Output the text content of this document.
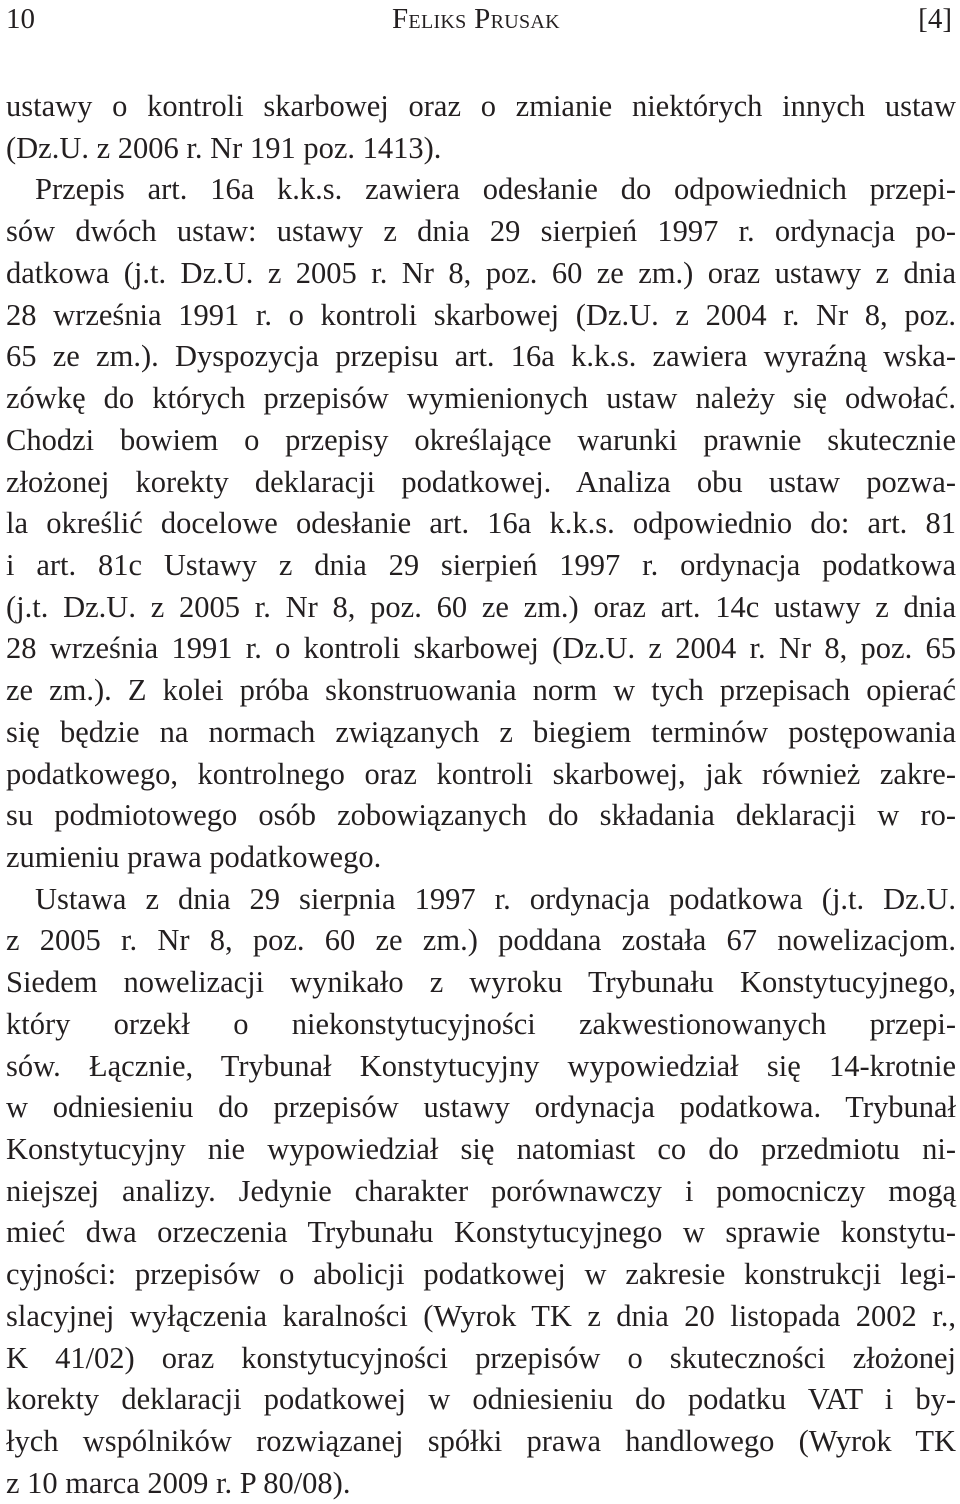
10	Feliks Prusak	[4]
ustawy o kontroli skarbowej oraz o zmianie niektórych innych ustaw
(Dz.U. z 2006 r. Nr 191 poz. 1413).
Przepis art. 16a k.k.s. zawiera odesłanie do odpowiednich przepi-
sów dwóch ustaw: ustawy z dnia 29 sierpień 1997 r. ordynacja po-
datkowa (j.t. Dz.U. z 2005 r. Nr 8, poz. 60 ze zm.) oraz ustawy z dnia
28 września 1991 r. o kontroli skarbowej (Dz.U. z 2004 r. Nr 8, poz.
65 ze zm.). Dyspozycja przepisu art. 16a k.k.s. zawiera wyraźną wska-
zówkę do których przepisów wymienionych ustaw należy się odwołać.
Chodzi bowiem o przepisy określające warunki prawnie skutecznie
złożonej korekty deklaracji podatkowej. Analiza obu ustaw pozwa-
la określić docelowe odesłanie art. 16a k.k.s. odpowiednio do: art. 81
i art. 81c Ustawy z dnia 29 sierpień 1997 r. ordynacja podatkowa
(j.t. Dz.U. z 2005 r. Nr 8, poz. 60 ze zm.) oraz art. 14c ustawy z dnia
28 września 1991 r. o kontroli skarbowej (Dz.U. z 2004 r. Nr 8, poz. 65
ze zm.). Z kolei próba skonstruowania norm w tych przepisach opierać
się będzie na normach związanych z biegiem terminów postępowania
podatkowego, kontrolnego oraz kontroli skarbowej, jak również zakre-
su podmiotowego osób zobowiązanych do składania deklaracji w ro-
zumieniu prawa podatkowego.
Ustawa z dnia 29 sierpnia 1997 r. ordynacja podatkowa (j.t. Dz.U.
z 2005 r. Nr 8, poz. 60 ze zm.) poddana została 67 nowelizacjom.
Siedem nowelizacji wynikało z wyroku Trybunału Konstytucyjnego,
który orzekł o niekonstytucyjności zakwestionowanych przepi-
sów. Łącznie, Trybunał Konstytucyjny wypowiedział się 14-krotnie
w odniesieniu do przepisów ustawy ordynacja podatkowa. Trybunał
Konstytucyjny nie wypowiedział się natomiast co do przedmiotu ni-
niejszej analizy. Jedynie charakter porównawczy i pomocniczy mogą
mieć dwa orzeczenia Trybunału Konstytucyjnego w sprawie konstytu-
cyjności: przepisów o abolicji podatkowej w zakresie konstrukcji legi-
slacyjnej wyłączenia karalności (Wyrok TK z dnia 20 listopada 2002 r.,
K 41/02) oraz konstytucyjności przepisów o skuteczności złożonej
korekty deklaracji podatkowej w odniesieniu do podatku VAT i by-
łych wspólników rozwiązanej spółki prawa handlowego (Wyrok TK
z 10 marca 2009 r. P 80/08).
